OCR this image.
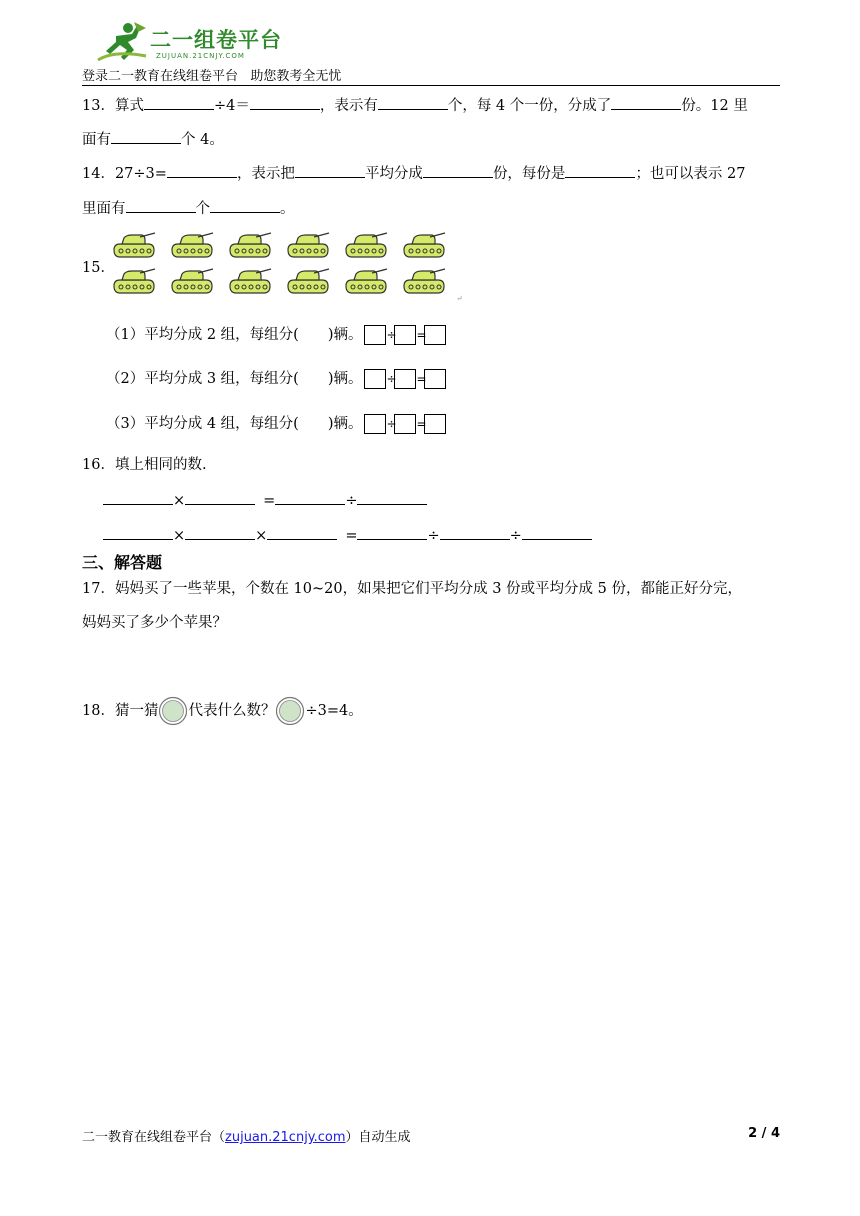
二一组卷平台
ZUJUAN.21CNJY.COM
登录二一教育在线组卷平台   助您教考全无忧
13．算式	÷4＝	，表示有	个，每 4 个一份，分成了	份。12 里
面有	个 4。
14．27÷3=	，表示把	平均分成	份，每份是	；也可以表示 27
里面有	个	。
15．
↵
（1）平均分成 2 组，每组分(　　)辆。 ÷ =
（2）平均分成 3 组，每组分(　　)辆。 ÷ =
（3）平均分成 4 组，每组分(　　)辆。 ÷ =
16．填上相同的数.
×	=	÷
×	×	=	÷	÷
三、解答题
17．妈妈买了一些苹果，个数在 10~20，如果把它们平均分成 3 份或平均分成 5 份，都能正好分完，
妈妈买了多少个苹果？
18．猜一猜 代表什么数？ ÷3=4。
二一教育在线组卷平台（zujuan.21cnjy.com）自动生成	2 / 4
